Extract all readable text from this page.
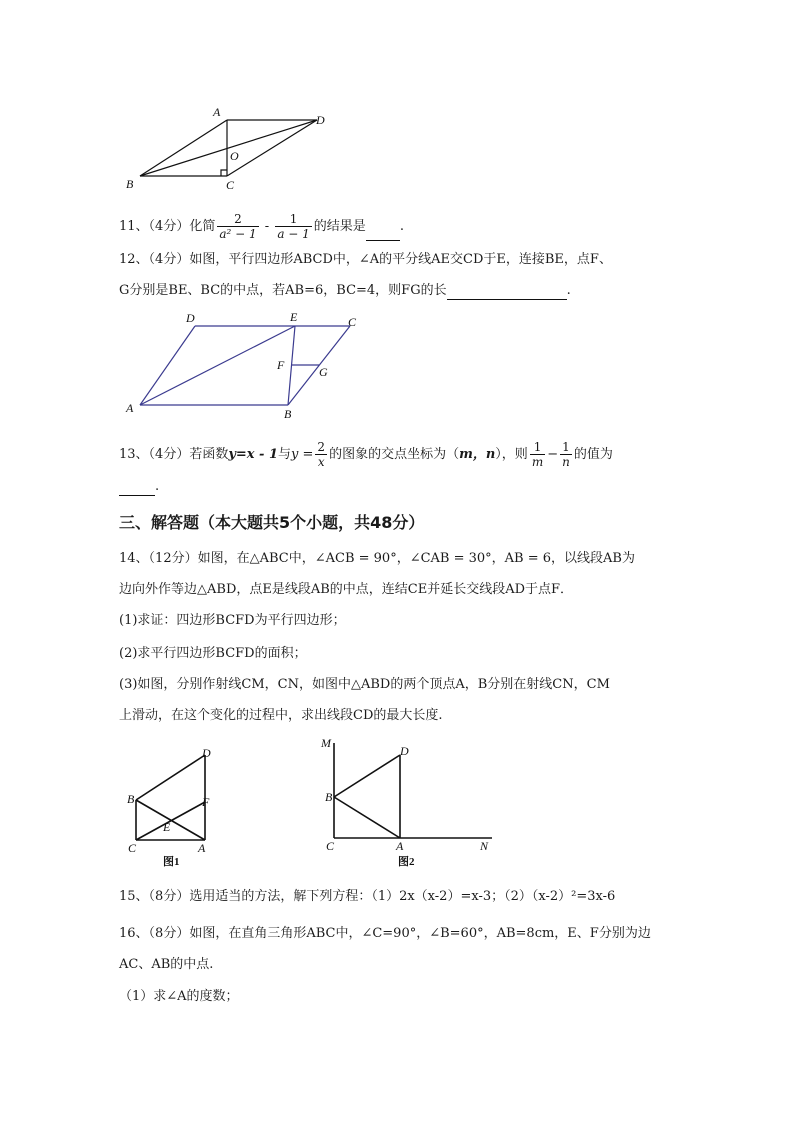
A
D
O
B	C
11、（4分）化简 $\frac{2}{\text{a² − 1}} - \frac{1}{a - 1}$ 的结果是	.
12、（4分）如图，平行四边形ABCD中，∠A的平分线AE交CD于E，连接BE，点F、
G分别是BE、BC的中点，若AB=6，BC=4，则FG的长	.
D	E	C
F	G
A	B
13、（4分）若函数y=x - 1与$y = \frac{2}{x}$ 的图象的交点坐标为（m，n），则 $\frac{1}{m} - \frac{1}{n}$ 的值为
.
三、解答题（本大题共5个小题，共48分）
14、（12分）如图，在△ABC中，∠ACB = 90°，∠CAB = 30°，AB = 6，以线段AB为
边向外作等边△ABD，点E是线段AB的中点，连结CE并延长交线段AD于点F．
(1)求证：四边形BCFD为平行四边形；
(2)求平行四边形BCFD的面积；
(3)如图，分别作射线CM，CN，如图中△ABD的两个顶点A，B分别在射线CN，CM
上滑动，在这个变化的过程中，求出线段CD的最大长度.
D
B	F
E
C	A
图1
M
D
B
C	A	N
图2
15、（8分）选用适当的方法，解下列方程：（1）2x（x-2）=x-3；（2）（x-2）²=3x-6
16、（8分）如图，在直角三角形ABC中，∠C=90°，∠B=60°，AB=8cm，E、F分别为边
AC、AB的中点.
（1）求∠A的度数；
